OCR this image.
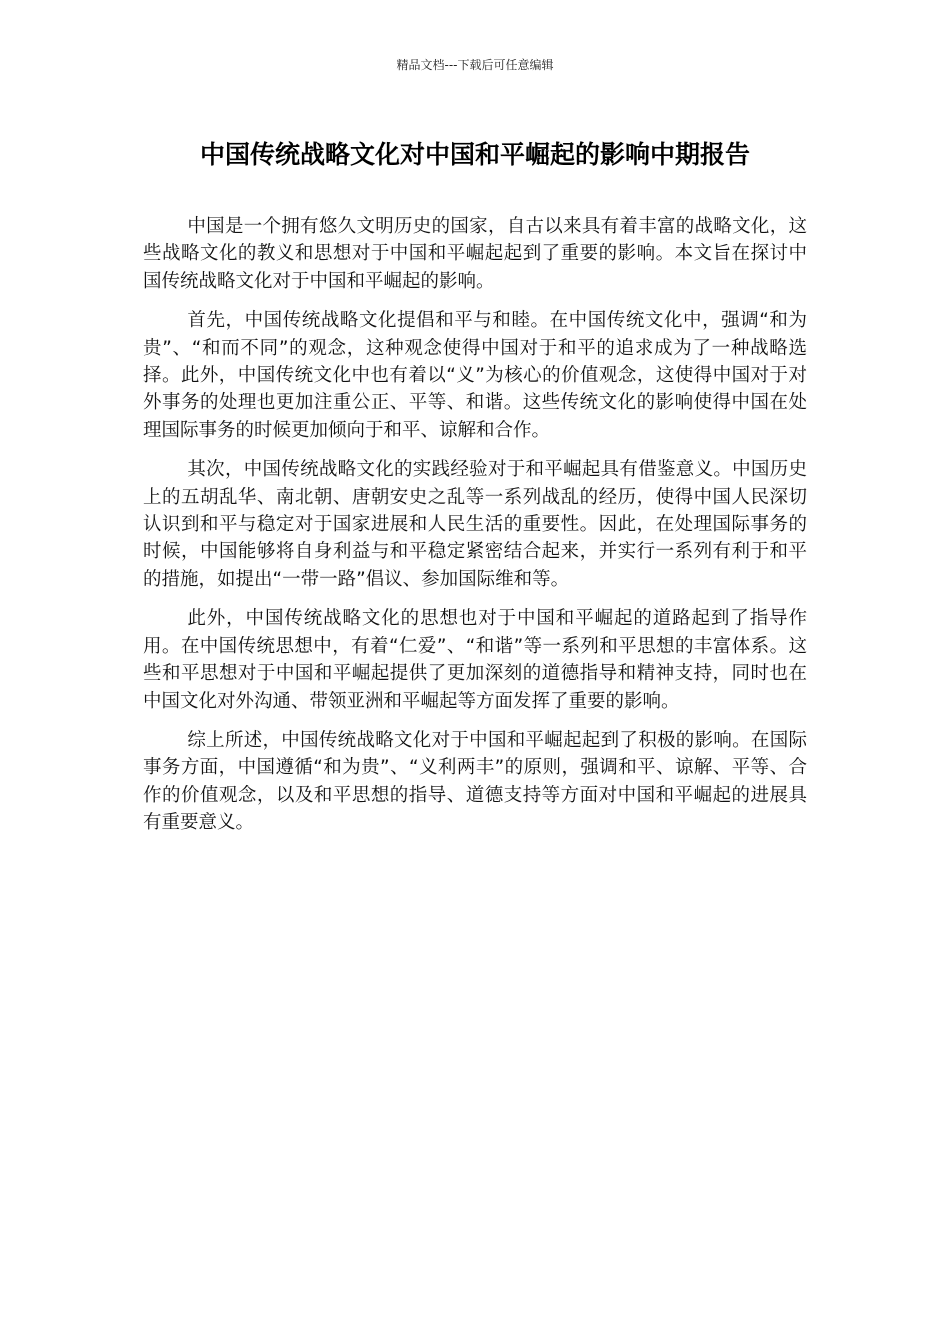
精品文档---下载后可任意编辑
中国传统战略文化对中国和平崛起的影响中期报告

中国是一个拥有悠久文明历史的国家，自古以来具有着丰富的战略文化，这些战略文化的教义和思想对于中国和平崛起起到了重要的影响。本文旨在探讨中国传统战略文化对于中国和平崛起的影响。

首先，中国传统战略文化提倡和平与和睦。在中国传统文化中，强调“和为贵”、“和而不同”的观念，这种观念使得中国对于和平的追求成为了一种战略选择。此外，中国传统文化中也有着以“义”为核心的价值观念，这使得中国对于对外事务的处理也更加注重公正、平等、和谐。这些传统文化的影响使得中国在处理国际事务的时候更加倾向于和平、谅解和合作。

其次，中国传统战略文化的实践经验对于和平崛起具有借鉴意义。中国历史上的五胡乱华、南北朝、唐朝安史之乱等一系列战乱的经历，使得中国人民深切认识到和平与稳定对于国家进展和人民生活的重要性。因此，在处理国际事务的时候，中国能够将自身利益与和平稳定紧密结合起来，并实行一系列有利于和平的措施，如提出“一带一路”倡议、参加国际维和等。

此外，中国传统战略文化的思想也对于中国和平崛起的道路起到了指导作用。在中国传统思想中，有着“仁爱”、“和谐”等一系列和平思想的丰富体系。这些和平思想对于中国和平崛起提供了更加深刻的道德指导和精神支持，同时也在中国文化对外沟通、带领亚洲和平崛起等方面发挥了重要的影响。

综上所述，中国传统战略文化对于中国和平崛起起到了积极的影响。在国际事务方面，中国遵循“和为贵”、“义利两丰”的原则，强调和平、谅解、平等、合作的价值观念，以及和平思想的指导、道德支持等方面对中国和平崛起的进展具有重要意义。
